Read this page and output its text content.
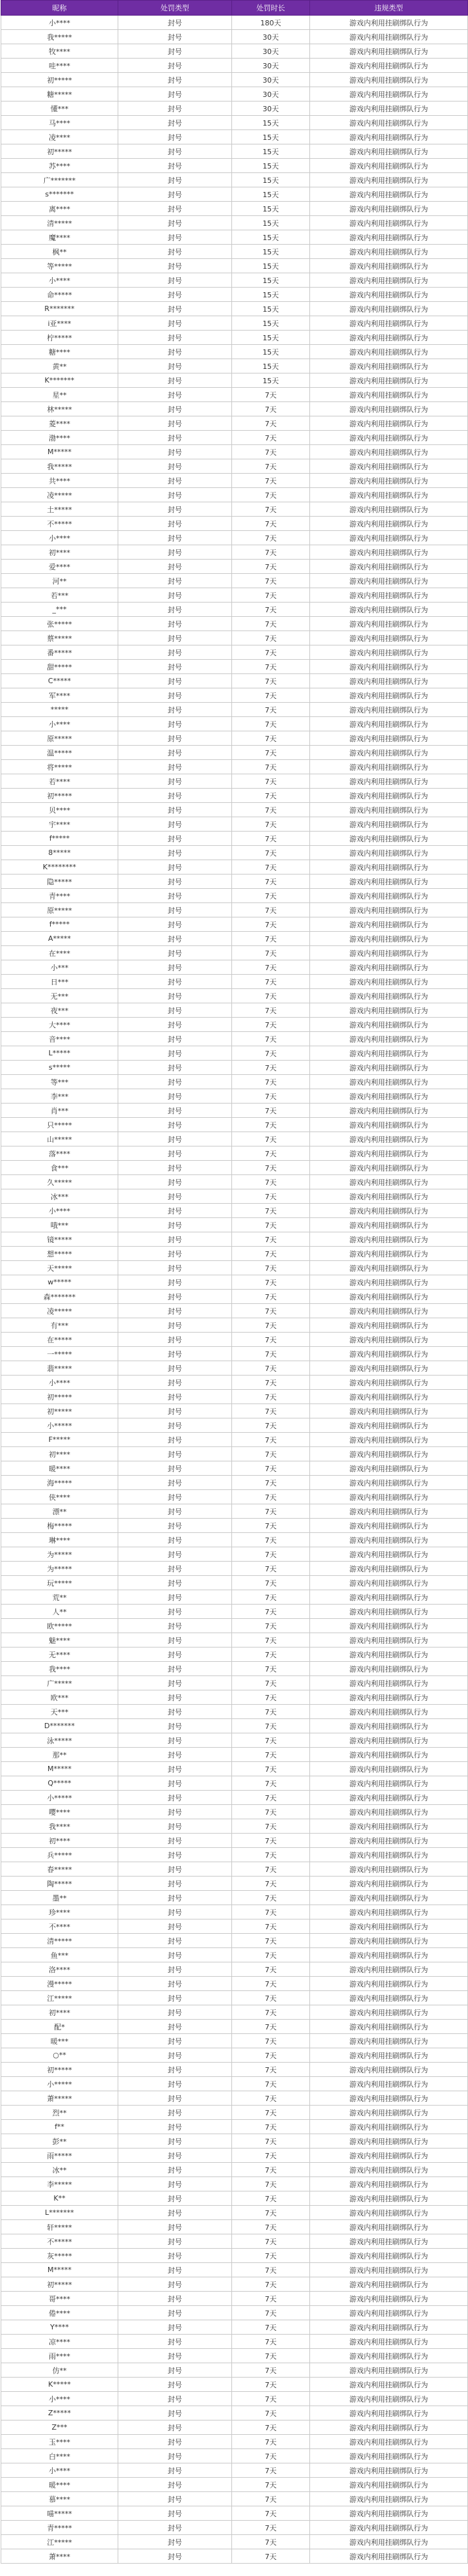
昵称	处罚类型	处罚时长	违规类型
小****	封号	180天	游戏内利用挂刷绑队行为
我*****	封号	30天	游戏内利用挂刷绑队行为
牧****	封号	30天	游戏内利用挂刷绑队行为
哇****	封号	30天	游戏内利用挂刷绑队行为
初*****	封号	30天	游戏内利用挂刷绑队行为
糖*****	封号	30天	游戏内利用挂刷绑队行为
懂***	封号	30天	游戏内利用挂刷绑队行为
马****	封号	15天	游戏内利用挂刷绑队行为
凌****	封号	15天	游戏内利用挂刷绑队行为
初*****	封号	15天	游戏内利用挂刷绑队行为
苏****	封号	15天	游戏内利用挂刷绑队行为
广*******	封号	15天	游戏内利用挂刷绑队行为
s*******	封号	15天	游戏内利用挂刷绑队行为
离****	封号	15天	游戏内利用挂刷绑队行为
清*****	封号	15天	游戏内利用挂刷绑队行为
魔****	封号	15天	游戏内利用挂刷绑队行为
枫**	封号	15天	游戏内利用挂刷绑队行为
等*****	封号	15天	游戏内利用挂刷绑队行为
小****	封号	15天	游戏内利用挂刷绑队行为
命*****	封号	15天	游戏内利用挂刷绑队行为
R*******	封号	15天	游戏内利用挂刷绑队行为
i亚****	封号	15天	游戏内利用挂刷绑队行为
柠*****	封号	15天	游戏内利用挂刷绑队行为
糖****	封号	15天	游戏内利用挂刷绑队行为
黄**	封号	15天	游戏内利用挂刷绑队行为
K*******	封号	15天	游戏内利用挂刷绑队行为
星**	封号	7天	游戏内利用挂刷绑队行为
林*****	封号	7天	游戏内利用挂刷绑队行为
菱****	封号	7天	游戏内利用挂刷绑队行为
渤****	封号	7天	游戏内利用挂刷绑队行为
M*****	封号	7天	游戏内利用挂刷绑队行为
我*****	封号	7天	游戏内利用挂刷绑队行为
共****	封号	7天	游戏内利用挂刷绑队行为
凌*****	封号	7天	游戏内利用挂刷绑队行为
土*****	封号	7天	游戏内利用挂刷绑队行为
不*****	封号	7天	游戏内利用挂刷绑队行为
小****	封号	7天	游戏内利用挂刷绑队行为
初****	封号	7天	游戏内利用挂刷绑队行为
爱****	封号	7天	游戏内利用挂刷绑队行为
河**	封号	7天	游戏内利用挂刷绑队行为
若***	封号	7天	游戏内利用挂刷绑队行为
_***	封号	7天	游戏内利用挂刷绑队行为
张*****	封号	7天	游戏内利用挂刷绑队行为
蔡*****	封号	7天	游戏内利用挂刷绑队行为
番*****	封号	7天	游戏内利用挂刷绑队行为
甜*****	封号	7天	游戏内利用挂刷绑队行为
C*****	封号	7天	游戏内利用挂刷绑队行为
军****	封号	7天	游戏内利用挂刷绑队行为
*****	封号	7天	游戏内利用挂刷绑队行为
小****	封号	7天	游戏内利用挂刷绑队行为
原*****	封号	7天	游戏内利用挂刷绑队行为
温*****	封号	7天	游戏内利用挂刷绑队行为
将*****	封号	7天	游戏内利用挂刷绑队行为
若****	封号	7天	游戏内利用挂刷绑队行为
初*****	封号	7天	游戏内利用挂刷绑队行为
贝****	封号	7天	游戏内利用挂刷绑队行为
宇****	封号	7天	游戏内利用挂刷绑队行为
f*****	封号	7天	游戏内利用挂刷绑队行为
8*****	封号	7天	游戏内利用挂刷绑队行为
K********	封号	7天	游戏内利用挂刷绑队行为
隐*****	封号	7天	游戏内利用挂刷绑队行为
青****	封号	7天	游戏内利用挂刷绑队行为
原*****	封号	7天	游戏内利用挂刷绑队行为
f*****	封号	7天	游戏内利用挂刷绑队行为
A*****	封号	7天	游戏内利用挂刷绑队行为
在****	封号	7天	游戏内利用挂刷绑队行为
小***	封号	7天	游戏内利用挂刷绑队行为
日***	封号	7天	游戏内利用挂刷绑队行为
无***	封号	7天	游戏内利用挂刷绑队行为
夜***	封号	7天	游戏内利用挂刷绑队行为
大****	封号	7天	游戏内利用挂刷绑队行为
音****	封号	7天	游戏内利用挂刷绑队行为
L*****	封号	7天	游戏内利用挂刷绑队行为
s*****	封号	7天	游戏内利用挂刷绑队行为
等***	封号	7天	游戏内利用挂刷绑队行为
李***	封号	7天	游戏内利用挂刷绑队行为
肖***	封号	7天	游戏内利用挂刷绑队行为
只*****	封号	7天	游戏内利用挂刷绑队行为
山*****	封号	7天	游戏内利用挂刷绑队行为
落****	封号	7天	游戏内利用挂刷绑队行为
食***	封号	7天	游戏内利用挂刷绑队行为
久*****	封号	7天	游戏内利用挂刷绑队行为
冰***	封号	7天	游戏内利用挂刷绑队行为
小****	封号	7天	游戏内利用挂刷绑队行为
哦***	封号	7天	游戏内利用挂刷绑队行为
镜*****	封号	7天	游戏内利用挂刷绑队行为
想*****	封号	7天	游戏内利用挂刷绑队行为
天*****	封号	7天	游戏内利用挂刷绑队行为
w*****	封号	7天	游戏内利用挂刷绑队行为
森*******	封号	7天	游戏内利用挂刷绑队行为
凌*****	封号	7天	游戏内利用挂刷绑队行为
有***	封号	7天	游戏内利用挂刷绑队行为
在*****	封号	7天	游戏内利用挂刷绑队行为
一*****	封号	7天	游戏内利用挂刷绑队行为
翡*****	封号	7天	游戏内利用挂刷绑队行为
小****	封号	7天	游戏内利用挂刷绑队行为
初*****	封号	7天	游戏内利用挂刷绑队行为
初*****	封号	7天	游戏内利用挂刷绑队行为
小*****	封号	7天	游戏内利用挂刷绑队行为
F*****	封号	7天	游戏内利用挂刷绑队行为
初****	封号	7天	游戏内利用挂刷绑队行为
暖****	封号	7天	游戏内利用挂刷绑队行为
海*****	封号	7天	游戏内利用挂刷绑队行为
侠****	封号	7天	游戏内利用挂刷绑队行为
漂**	封号	7天	游戏内利用挂刷绑队行为
梅*****	封号	7天	游戏内利用挂刷绑队行为
琳****	封号	7天	游戏内利用挂刷绑队行为
为*****	封号	7天	游戏内利用挂刷绑队行为
为*****	封号	7天	游戏内利用挂刷绑队行为
玩*****	封号	7天	游戏内利用挂刷绑队行为
荒**	封号	7天	游戏内利用挂刷绑队行为
人**	封号	7天	游戏内利用挂刷绑队行为
欧*****	封号	7天	游戏内利用挂刷绑队行为
魅****	封号	7天	游戏内利用挂刷绑队行为
无****	封号	7天	游戏内利用挂刷绑队行为
我****	封号	7天	游戏内利用挂刷绑队行为
广*****	封号	7天	游戏内利用挂刷绑队行为
欧***	封号	7天	游戏内利用挂刷绑队行为
天***	封号	7天	游戏内利用挂刷绑队行为
D*******	封号	7天	游戏内利用挂刷绑队行为
泳*****	封号	7天	游戏内利用挂刷绑队行为
那**	封号	7天	游戏内利用挂刷绑队行为
M*****	封号	7天	游戏内利用挂刷绑队行为
Q*****	封号	7天	游戏内利用挂刷绑队行为
小*****	封号	7天	游戏内利用挂刷绑队行为
嘤****	封号	7天	游戏内利用挂刷绑队行为
我****	封号	7天	游戏内利用挂刷绑队行为
初****	封号	7天	游戏内利用挂刷绑队行为
兵*****	封号	7天	游戏内利用挂刷绑队行为
春*****	封号	7天	游戏内利用挂刷绑队行为
陶*****	封号	7天	游戏内利用挂刷绑队行为
墨**	封号	7天	游戏内利用挂刷绑队行为
珍****	封号	7天	游戏内利用挂刷绑队行为
不****	封号	7天	游戏内利用挂刷绑队行为
清*****	封号	7天	游戏内利用挂刷绑队行为
鱼***	封号	7天	游戏内利用挂刷绑队行为
洛****	封号	7天	游戏内利用挂刷绑队行为
漫*****	封号	7天	游戏内利用挂刷绑队行为
江*****	封号	7天	游戏内利用挂刷绑队行为
初****	封号	7天	游戏内利用挂刷绑队行为
配*	封号	7天	游戏内利用挂刷绑队行为
暖***	封号	7天	游戏内利用挂刷绑队行为
○**	封号	7天	游戏内利用挂刷绑队行为
初*****	封号	7天	游戏内利用挂刷绑队行为
小*****	封号	7天	游戏内利用挂刷绑队行为
萧*****	封号	7天	游戏内利用挂刷绑队行为
烈**	封号	7天	游戏内利用挂刷绑队行为
f**	封号	7天	游戏内利用挂刷绑队行为
彭**	封号	7天	游戏内利用挂刷绑队行为
雨*****	封号	7天	游戏内利用挂刷绑队行为
冰**	封号	7天	游戏内利用挂刷绑队行为
李*****	封号	7天	游戏内利用挂刷绑队行为
K**	封号	7天	游戏内利用挂刷绑队行为
L*******	封号	7天	游戏内利用挂刷绑队行为
轩*****	封号	7天	游戏内利用挂刷绑队行为
不*****	封号	7天	游戏内利用挂刷绑队行为
灰*****	封号	7天	游戏内利用挂刷绑队行为
M*****	封号	7天	游戏内利用挂刷绑队行为
初*****	封号	7天	游戏内利用挂刷绑队行为
哥****	封号	7天	游戏内利用挂刷绑队行为
倦****	封号	7天	游戏内利用挂刷绑队行为
Y****	封号	7天	游戏内利用挂刷绑队行为
凉****	封号	7天	游戏内利用挂刷绑队行为
雨****	封号	7天	游戏内利用挂刷绑队行为
仿**	封号	7天	游戏内利用挂刷绑队行为
K*****	封号	7天	游戏内利用挂刷绑队行为
小****	封号	7天	游戏内利用挂刷绑队行为
Z*****	封号	7天	游戏内利用挂刷绑队行为
Z***	封号	7天	游戏内利用挂刷绑队行为
玉****	封号	7天	游戏内利用挂刷绑队行为
白****	封号	7天	游戏内利用挂刷绑队行为
小****	封号	7天	游戏内利用挂刷绑队行为
暖****	封号	7天	游戏内利用挂刷绑队行为
慕****	封号	7天	游戏内利用挂刷绑队行为
喵*****	封号	7天	游戏内利用挂刷绑队行为
青*****	封号	7天	游戏内利用挂刷绑队行为
江*****	封号	7天	游戏内利用挂刷绑队行为
萧****	封号	7天	游戏内利用挂刷绑队行为
